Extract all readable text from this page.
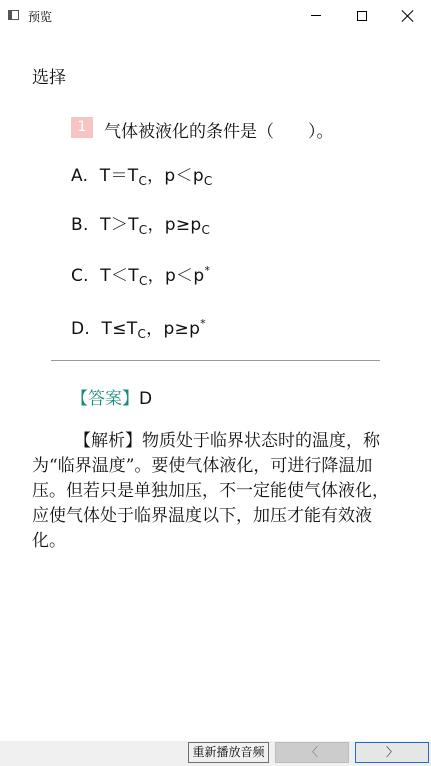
预览
选择
1	气体被液化的条件是（　　）。
A. $T=T_C$，$p<p_C$
B. $T>T_C$，$p\ge p_C$
C. $T<T_C$，p＜p*
D. $T\le T_C$，p≥p*
【答案】D
【解析】物质处于临界状态时的温度，称为“临界温度”。要使气体液化，可进行降温加压。但若只是单独加压，不一定能使气体液化，应使气体处于临界温度以下，加压才能有效液化。
重新播放音频	〈	〉
